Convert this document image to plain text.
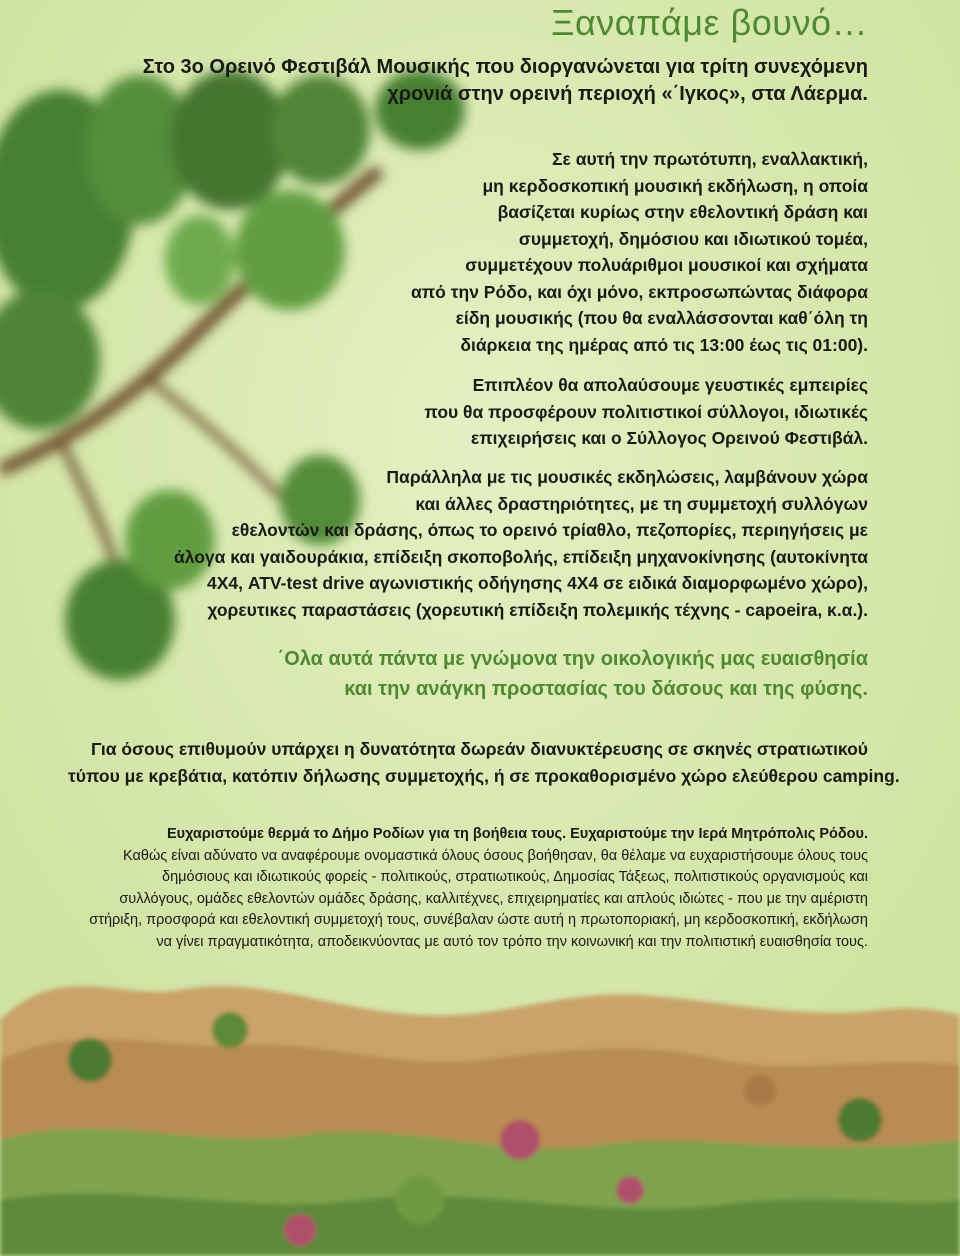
Ξαναπάμε βουνό…
Στο 3ο Ορεινό Φεστιβάλ Μουσικής που διοργανώνεται για τρίτη συνεχόμενη
χρονιά στην ορεινή περιοχή «΄Ιγκος», στα Λάερμα.
Σε αυτή την πρωτότυπη, εναλλακτική,
μη κερδοσκοπική μουσική εκδήλωση, η οποία
βασίζεται κυρίως στην εθελοντική δράση και
συμμετοχή, δημόσιου και ιδιωτικού τομέα,
συμμετέχουν πολυάριθμοι μουσικοί και σχήματα
από την Ρόδο, και όχι μόνο, εκπροσωπώντας διάφορα
είδη μουσικής (που θα εναλλάσσονται καθ΄όλη τη
διάρκεια της ημέρας από τις 13:00 έως τις 01:00).
Επιπλέον θα απολαύσουμε γευστικές εμπειρίες
που θα προσφέρουν πολιτιστικοί σύλλογοι, ιδιωτικές
επιχειρήσεις και ο Σύλλογος Ορεινού Φεστιβάλ.
Παράλληλα με τις μουσικές εκδηλώσεις, λαμβάνουν χώρα
και άλλες δραστηριότητες, με τη συμμετοχή συλλόγων
εθελοντών και δράσης, όπως το ορεινό τρίαθλο, πεζοπορίες, περιηγήσεις με
άλογα και γαιδουράκια, επίδειξη σκοποβολής, επίδειξη μηχανοκίνησης (αυτοκίνητα
4Χ4, ATV-test drive αγωνιστικής οδήγησης 4Χ4 σε ειδικά διαμορφωμένο χώρο),
χορευτικες παραστάσεις (χορευτική επίδειξη πολεμικής τέχνης - capoeira, κ.α.).
΄Ολα αυτά πάντα με γνώμονα την οικολογικής μας ευαισθησία
και την ανάγκη προστασίας του δάσους και της φύσης.
Για όσους επιθυμούν υπάρχει η δυνατότητα δωρεάν διανυκτέρευσης σε σκηνές στρατιωτικού
τύπου με κρεβάτια, κατόπιν δήλωσης συμμετοχής, ή σε προκαθορισμένο χώρο ελεύθερου camping.
Ευχαριστούμε θερμά το Δήμο Ροδίων για τη βοήθεια τους. Ευχαριστούμε την Ιερά Μητρόπολις Ρόδου.
Καθώς είναι αδύνατο να αναφέρουμε ονομαστικά όλους όσους βοήθησαν, θα θέλαμε να ευχαριστήσουμε όλους τους
δημόσιους και ιδιωτικούς φορείς - πολιτικούς, στρατιωτικούς, Δημοσίας Τάξεως, πολιτιστικούς οργανισμούς και
συλλόγους, ομάδες εθελοντών ομάδες δράσης, καλλιτέχνες, επιχειρηματίες και απλούς ιδιώτες - που με την αμέριστη
στήριξη, προσφορά και εθελοντική συμμετοχή τους, συνέβαλαν ώστε αυτή η πρωτοποριακή, μη κερδοσκοπική, εκδήλωση
να γίνει πραγματικότητα, αποδεικνύοντας με αυτό τον τρόπο την κοινωνική και την πολιτιστική ευαισθησία τους.
